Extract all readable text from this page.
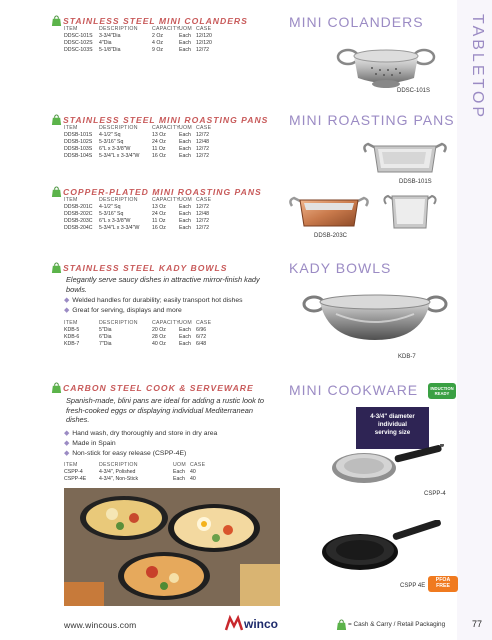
TABLETOP
STAINLESS STEEL MINI COLANDERS
ITEM	DESCRIPTION	CAPACITY UOM CASE
DDSC-101S	3-3/4"Dia	2 Oz	Each 12/120
DDSC-102S	4"Dia	4 Oz	Each 12/120
DDSC-103S	5-1/8"Dia	9 Oz	Each 12/72
MINI COLANDERS
DDSC-101S
STAINLESS STEEL MINI ROASTING PANS
ITEM	DESCRIPTION	CAPACITY UOM CASE
DDSB-101S	4-1/2" Sq	13 Oz	Each 12/72
DDSB-102S	5-3/16" Sq	24 Oz	Each 12/48
DDSB-103S	6"L x 3-3/8"W	11 Oz	Each 12/72
DDSB-104S	5-3/4"L x 3-3/4"W	16 Oz	Each 12/72
MINI ROASTING PANS
COPPER-PLATED MINI ROASTING PANS
ITEM	DESCRIPTION	CAPACITY UOM CASE
DDSB-201C	4-1/2" Sq	13 Oz	Each 12/72
DDSB-202C	5-3/16" Sq	24 Oz	Each 12/48
DDSB-203C	6"L x 3-3/8"W	11 Oz	Each 12/72
DDSB-204C	5-3/4"L x 3-3/4"W	16 Oz	Each 12/72
DDSB-203C
DDSB-101S
STAINLESS STEEL KADY BOWLS
Elegantly serve saucy dishes in attractive mirror-finish kady bowls.
◆ Welded handles for durability; easily transport hot dishes
◆ Great for serving, displays and more
ITEM	DESCRIPTION	CAPACITY UOM CASE
KDB-5	5"Dia	20 Oz	Each 6/96
KDB-6	6"Dia	28 Oz	Each 6/72
KDB-7	7"Dia	40 Oz	Each 6/48
KADY BOWLS
KDB-7
CARBON STEEL COOK & SERVEWARE
Spanish-made, blini pans are ideal for adding a rustic look to fresh-cooked eggs or displaying individual Mediterranean dishes.
◆ Hand wash, dry thoroughly and store in dry area
◆ Made in Spain
◆ Non-stick for easy release (CSPP-4E)
ITEM	DESCRIPTION	UOM CASE
CSPP-4	4-3/4", Polished	Each 40
CSPP-4E	4-3/4", Non-Stick	Each 40
MINI COOKWARE	INDUCTION
READY
4-3/4" diameter
individual
serving size
CSPP-4
CSPP 4E
PFOA
FREE
www.wincous.com	winco	= Cash & Carry / Retail Packaging	77
